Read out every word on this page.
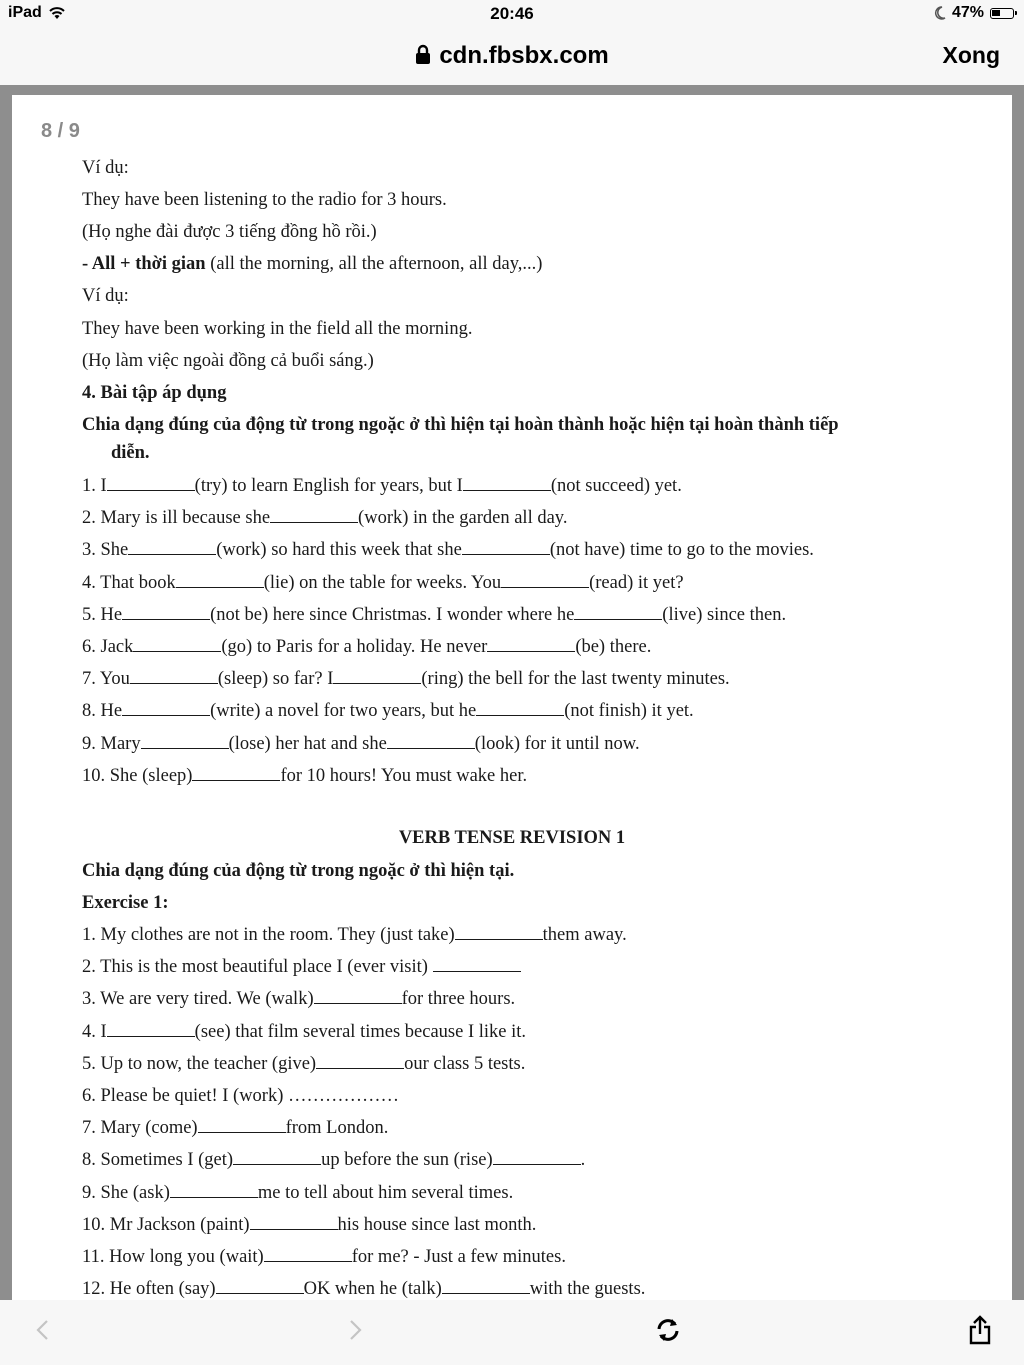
iPad	20:46	47%
cdn.fbsbx.com	Xong
8 / 9
Ví dụ:
They have been listening to the radio for 3 hours.
(Họ nghe đài được 3 tiếng đồng hồ rồi.)
- All + thời gian (all the morning, all the afternoon, all day,...)
Ví dụ:
They have been working in the field all the morning.
(Họ làm việc ngoài đồng cả buổi sáng.)
4. Bài tập áp dụng
Chia dạng đúng của động từ trong ngoặc ở thì hiện tại hoàn thành hoặc hiện tại hoàn thành tiếp
diễn.
1. I	(try) to learn English for years, but I	(not succeed) yet.
2. Mary is ill because she	(work) in the garden all day.
3. She	(work) so hard this week that she	(not have) time to go to the movies.
4. That book	(lie) on the table for weeks. You	(read) it yet?
5. He	(not be) here since Christmas. I wonder where he	(live) since then.
6. Jack	(go) to Paris for a holiday. He never	(be) there.
7. You	(sleep) so far? I	(ring) the bell for the last twenty minutes.
8. He	(write) a novel for two years, but he	(not finish) it yet.
9. Mary	(lose) her hat and she	(look) for it until now.
10. She (sleep)	for 10 hours! You must wake her.
VERB TENSE REVISION 1
Chia dạng đúng của động từ trong ngoặc ở thì hiện tại.
Exercise 1:
1. My clothes are not in the room. They (just take)	them away.
2. This is the most beautiful place I (ever visit)
3. We are very tired. We (walk)	for three hours.
4. I	(see) that film several times because I like it.
5. Up to now, the teacher (give)	our class 5 tests.
6. Please be quiet! I (work) ………………
7. Mary (come)	from London.
8. Sometimes I (get)	up before the sun (rise)	.
9. She (ask)	me to tell about him several times.
10. Mr Jackson (paint)	his house since last month.
11. How long you (wait)	for me? - Just a few minutes.
12. He often (say)	OK when he (talk)	with the guests.
